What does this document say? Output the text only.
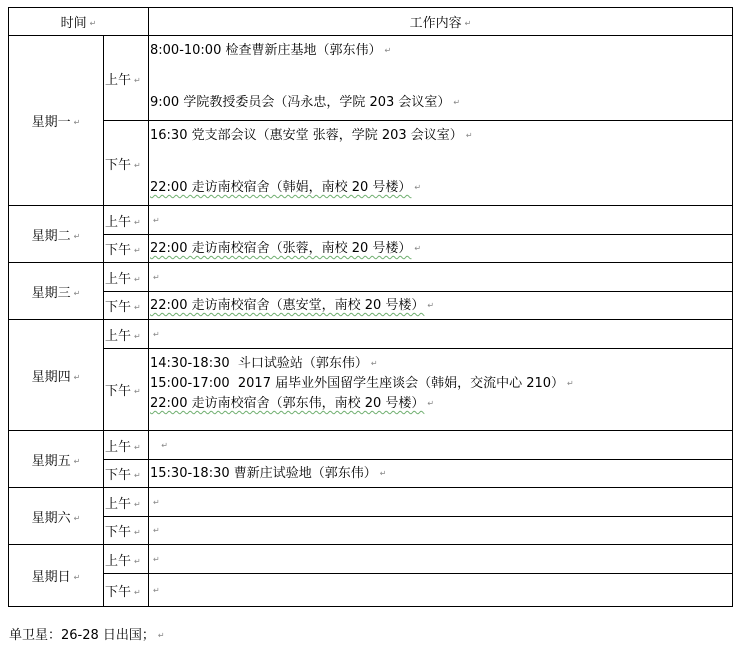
时间 ↵		工作内容 ↵
星期一 ↵	上午 ↵	8:00-10:00 检查曹新庄基地（郭东伟） ↵
9:00 学院教授委员会（冯永忠，学院 203 会议室） ↵

	下午 ↵	16:30 党支部会议（惠安堂 张蓉，学院 203 会议室） ↵
22:00 走访南校宿舍（韩娟，南校 20 号楼） ↵

星期二 ↵	上午 ↵	↵

	下午 ↵	22:00 走访南校宿舍（张蓉，南校 20 号楼） ↵

星期三 ↵	上午 ↵	↵

	下午 ↵	22:00 走访南校宿舍（惠安堂，南校 20 号楼） ↵

星期四 ↵	上午 ↵	↵

	下午 ↵	14:30-18:30  斗口试验站（郭东伟） ↵
15:00-17:00  2017 届毕业外国留学生座谈会（韩娟，交流中心 210） ↵
22:00 走访南校宿舍（郭东伟，南校 20 号楼） ↵

星期五 ↵	上午 ↵	↵

	下午 ↵	15:30-18:30 曹新庄试验地（郭东伟） ↵

星期六 ↵	上午 ↵	↵

	下午 ↵	↵

星期日 ↵	上午 ↵	↵

	下午 ↵	↵
单卫星：26-28 日出国； ↵
